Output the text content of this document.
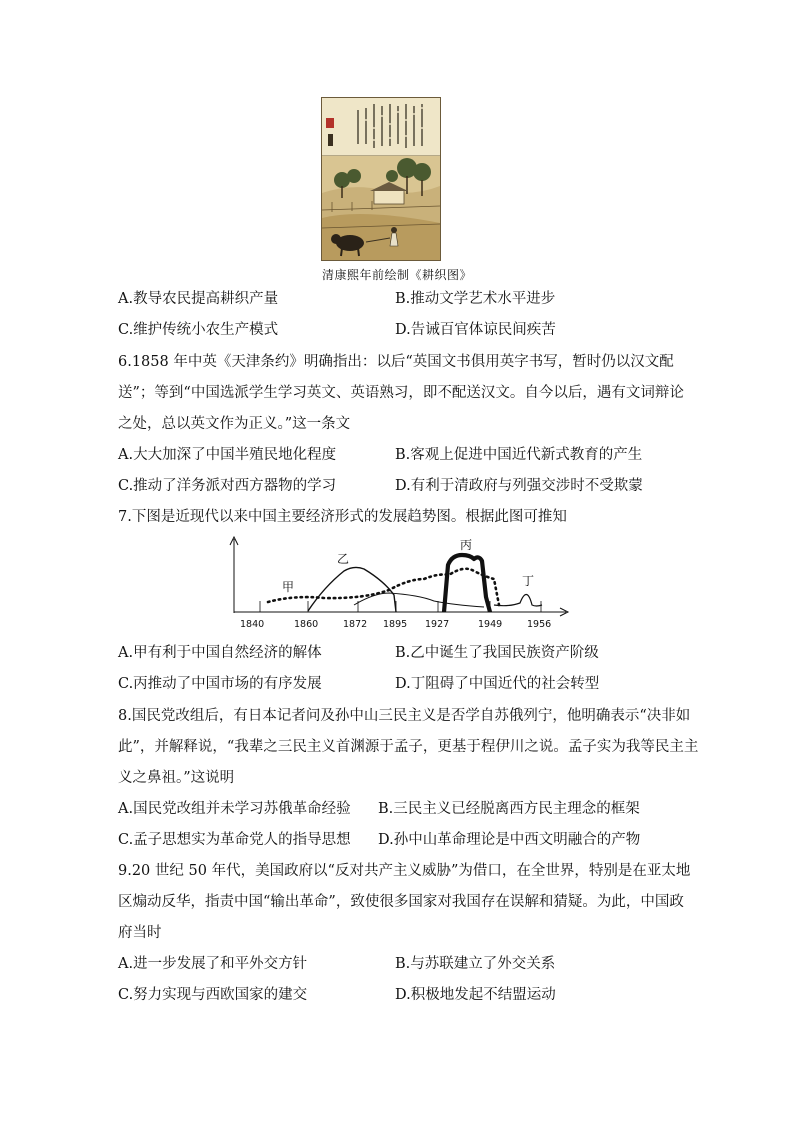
清康熙年前绘制《耕织图》
A.教导农民提高耕织产量	B.推动文学艺术水平进步
C.维护传统小农生产模式	D.告诫百官体谅民间疾苦
6.1858 年中英《天津条约》明确指出：以后“英国文书俱用英字书写，暂时仍以汉文配
送”；等到“中国选派学生学习英文、英语熟习，即不配送汉文。自今以后，遇有文词辩论
之处，总以英文作为正义。”这一条文
A.大大加深了中国半殖民地化程度	B.客观上促进中国近代新式教育的产生
C.推动了洋务派对西方器物的学习	D.有利于清政府与列强交涉时不受欺蒙
7.下图是近现代以来中国主要经济形式的发展趋势图。根据此图可推知
甲
乙
丙
丁
1840	1860	1872 1895 1927	1949	1956
A.甲有利于中国自然经济的解体	B.乙中诞生了我国民族资产阶级
C.丙推动了中国市场的有序发展	D.丁阻碍了中国近代的社会转型
8.国民党改组后，有日本记者问及孙中山三民主义是否学自苏俄列宁，他明确表示“决非如
此”，并解释说，“我辈之三民主义首渊源于孟子，更基于程伊川之说。孟子实为我等民主主
义之鼻祖。”这说明
A.国民党改组并未学习苏俄革命经验 B.三民主义已经脱离西方民主理念的框架
C.孟子思想实为革命党人的指导思想 D.孙中山革命理论是中西文明融合的产物
9.20 世纪 50 年代，美国政府以“反对共产主义威胁”为借口，在全世界，特别是在亚太地
区煽动反华，指责中国“输出革命”，致使很多国家对我国存在误解和猜疑。为此，中国政
府当时
A.进一步发展了和平外交方针	B.与苏联建立了外交关系
C.努力实现与西欧国家的建交	D.积极地发起不结盟运动
